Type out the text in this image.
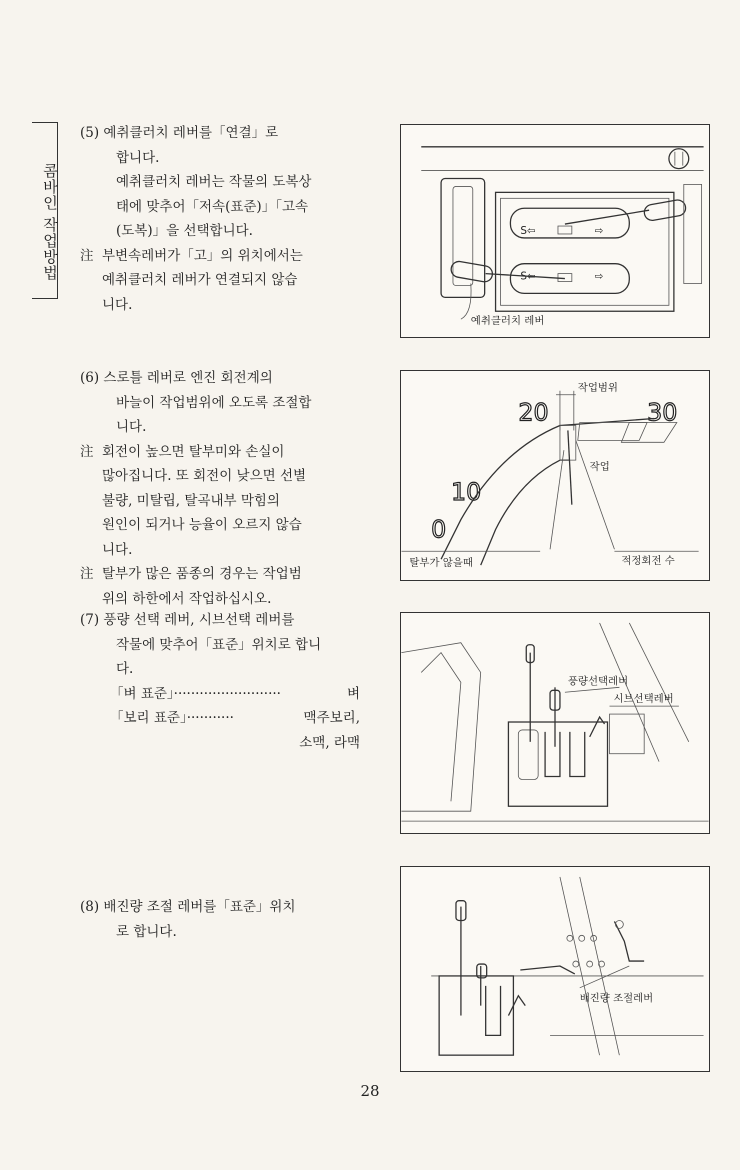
콤바인 작업방법

(5) 예취클러치 레버를「연결」로

합니다.

예취클러치 레버는 작물의 도복상

태에 맞추어「저속(표준)」「고속

(도복)」을 선택합니다.

注 부변속레버가「고」의 위치에서는

예취클러치 레버가 연결되지 않습

니다.

(6) 스로틀 레버로 엔진 회전계의

바늘이 작업범위에 오도록 조절합

니다.

注 회전이 높으면 탈부미와 손실이

많아집니다. 또 회전이 낮으면 선별

불량, 미탈립, 탈곡내부 막힘의

원인이 되거나 능율이 오르지 않습

니다.

注 탈부가 많은 품종의 경우는 작업범

위의 하한에서 작업하십시오.

(7) 풍량 선택 레버, 시브선택 레버를

작물에 맞추어「표준」위치로 합니

다.

「벼 표준」·························	벼
「보리 표준」···········	맥주보리,

소맥, 라맥

(8) 배진량 조절 레버를「표준」위치

로 합니다.

S⇦	⇨
S⇦	⇨
예취클러치 레버
작업범위
20	30
10
0
작업
탈부가 않을때	적정회전 수
풍량선택레버
시브선택레버
배진량 조절레버
28
